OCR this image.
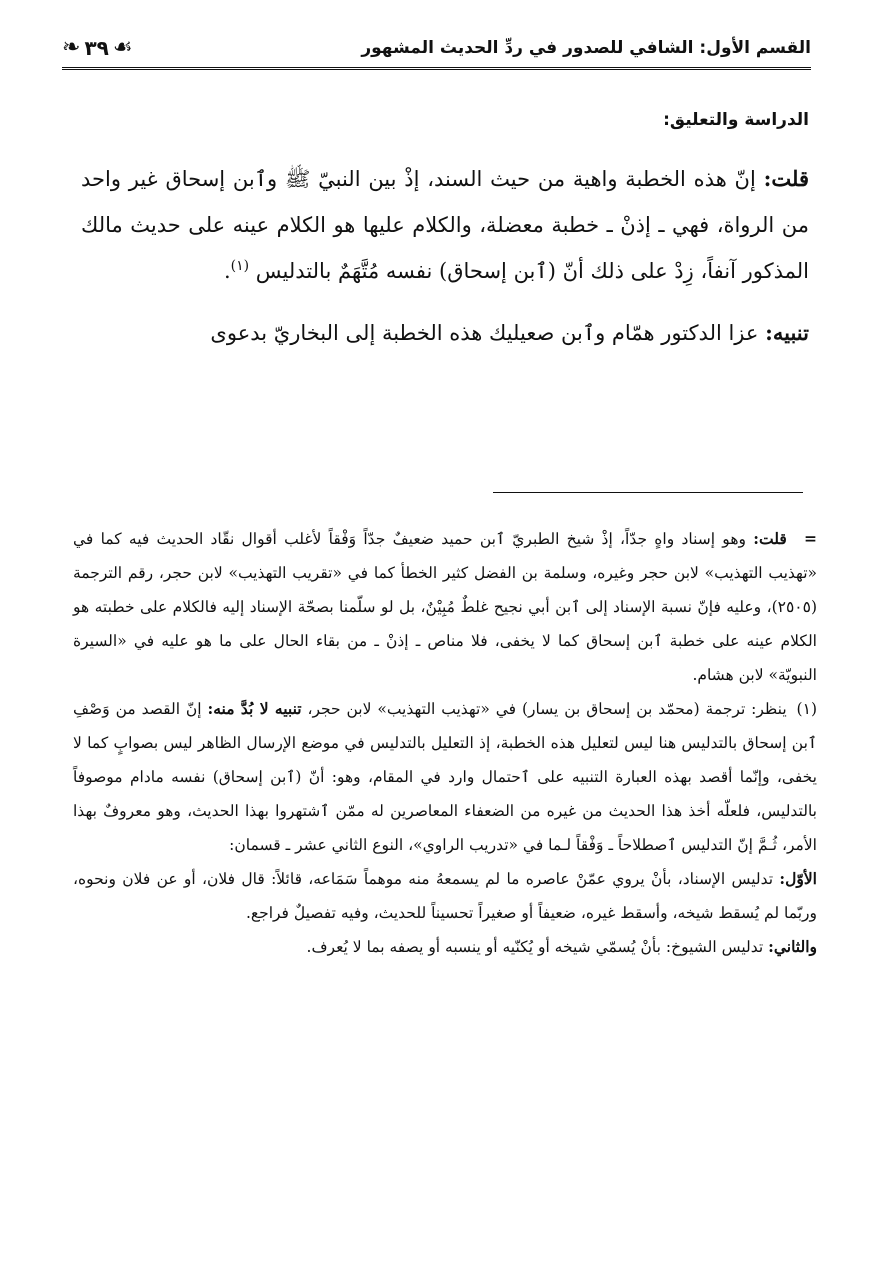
القسم الأول: الشافي للصدور في ردِّ الحديث المشهور
❧ ٣٩ ☙
الدراسة والتعليق:

قلت: إنّ هذه الخطبة واهية من حيث السند، إذْ بين النبيّ ﷺ وٱبن إسحاق غير واحد من الرواة، فهي ـ إذنْ ـ خطبة معضلة، والكلام عليها هو الكلام عينه على حديث مالك المذكور آنفاً، زِدْ على ذلك أنّ (ٱبن إسحاق) نفسه مُتَّهَمٌ بالتدليس $^{(١)}$.

تنبيه: عزا الدكتور همّام وٱبن صعيليك هذه الخطبة إلى البخاريّ بدعوى

= قلت: وهو إسناد واهٍ جدّاً، إذْ شيخ الطبريّ ٱبن حميد ضعيفٌ جدّاً وَفْقاً لأغلب أقوال نقّاد الحديث فيه كما في «تهذيب التهذيب» لابن حجر وغيره، وسلمة بن الفضل كثير الخطأ كما في «تقريب التهذيب» لابن حجر، رقم الترجمة (٢٥٠٥)، وعليه فإنّ نسبة الإسناد إلى ٱبن أبي نجيح غلطٌ مُبِيْنٌ، بل لو سلّمنا بصحّة الإسناد إليه فالكلام على خطبته هو الكلام عينه على خطبة ٱبن إسحاق كما لا يخفى، فلا مناص ـ إذنْ ـ من بقاء الحال على ما هو عليه في «السيرة النبويّة» لابن هشام.

(١) ينظر: ترجمة (محمّد بن إسحاق بن يسار) في «تهذيب التهذيب» لابن حجر، تنبيه لا بُدَّ منه: إنّ القصد من وَصْفِ ٱبن إسحاق بالتدليس هنا ليس لتعليل هذه الخطبة، إذ التعليل بالتدليس في موضع الإرسال الظاهر ليس بصوابٍ كما لا يخفى، وإنّما أقصد بهذه العبارة التنبيه على ٱحتمال وارد في المقام، وهو: أنّ (ٱبن إسحاق) نفسه مادام موصوفاً بالتدليس، فلعلّه أخذ هذا الحديث من غيره من الضعفاء المعاصرين له ممّن ٱشتهروا بهذا الحديث، وهو معروفٌ بهذا الأمر، ثُـمَّ إنّ التدليس ٱصطلاحاً ـ وَفْقاً لـما في «تدريب الراوي»، النوع الثاني عشر ـ قسمان:

الأوّل: تدليس الإسناد، بأنْ يروي عمّنْ عاصره ما لم يسمعهُ منه موهماً سَمَاعه، قائلاً: قال فلان، أو عن فلان ونحوه، وربّما لم يُسقط شيخه، وأسقط غيره، ضعيفاً أو صغيراً تحسيناً للحديث، وفيه تفصيلٌ فراجع.

والثاني: تدليس الشيوخ: بأنْ يُسمّي شيخه أو يُكنّيه أو ينسبه أو يصفه بما لا يُعرف.
